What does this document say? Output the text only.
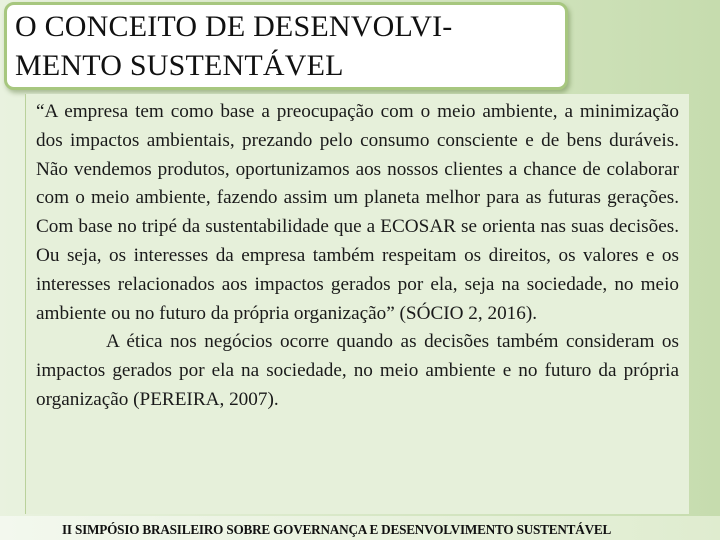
O CONCEITO DE DESENVOLVI-
MENTO SUSTENTÁVEL

“A empresa tem como base a preocupação com o meio ambiente, a minimização dos impactos ambientais, prezando pelo consumo consciente e de bens duráveis. Não vendemos produtos, oportunizamos aos nossos clientes a chance de colaborar com o meio ambiente, fazendo assim um planeta melhor para as futuras gerações. Com base no tripé da sustentabilidade que a ECOSAR se orienta nas suas decisões. Ou seja, os interesses da empresa também respeitam os direitos, os valores e os interesses relacionados aos impactos gerados por ela, seja na sociedade, no meio ambiente ou no futuro da própria organização” (SÓCIO 2, 2016).

A ética nos negócios ocorre quando as decisões também consideram os impactos gerados por ela na sociedade, no meio ambiente e no futuro da própria organização (PEREIRA, 2007).

II SIMPÓSIO BRASILEIRO SOBRE GOVERNANÇA E DESENVOLVIMENTO SUSTENTÁVEL
